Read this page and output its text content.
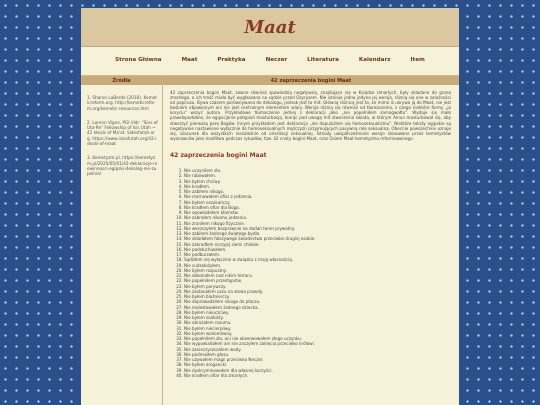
Maat
Strona Główna	Maat	Praktyka	Neczer	Literatura	Kalendarz	Item
Źródła
1. Sharon LaBorde (2018). Kemeticreform.org. http://kemeticreform.org/kemetic-resources.htm
2. Lorenn Vigne, PGI Vidr: "Sins of Uta-Re" Fellowship of Isis Utah ~ 42 Ideals of Ma'at. Sidesfutah.org. https://www.isisofutah.org/42-ideals-of-maat
3. Kemetyzm.pl. https://kemetyzm.pl/2025/05/01/42-deklaracje-niewinnosci-egipski-dekalog-nie-zupelnie/
42 zaprzeczenia bogini Maat

42 zaprzeczenia bogini Maat, zwane również spowiedzią negatywną, znajdujące się w Księdze Umarłych, były składane do grona zmarłego, a ich treść miała być wygłaszana na sądzie przed Ozyrysem. Nie istnieje jedna jedyna jej wersja, różnią się one w zależności od papirusu. Bywa czasem porównywana do dekalogu, jednak jest to mit. Główną różnicą jest to, że mimo iż ukrywa ją do Maat, nie jest boskiem objawionym ani nie jest centralnym elementem wiary. Wersja różnią się również od tłumaczenia, z czego niektóre formy „ja koryciu" wszyć autora. Przykładowe tłumaczenie jednej z deklaracji jako „nie popełniłem samogwałtu". Wydaje się mało prawdopodobne, że egipscjanie potępiali masturbację, biorąc pod uwagę mit stworzenia świata, w którym Amun masturbował się, aby stworzyć pierwszą parę Bogów. Innym przykładem jest deklaracja „nie dopuściłem się homoseksualizmu". Niektóre teksty egipskie są negatywnie nastawione wyłącznie do homoseksualnych mężczyzn przyjmujących pasywną rolę seksualną. Obecnie powszechnie uznaje się, szacunek dla wszystkich niezależnie od orientacji seksualnej. Istniały uwspółcześnione wersje stosowane przez kemetystów wyznawców jako modlitwa podczas rytuałów, tzw. 42 cnoty bogini Maat, oraz Osiem Maat kemetyzmu reformowanego.

42 zaprzeczenia bogini Maat
1. Nie uczyniłem zła.
2. Nie rabowałem.
3. Nie byłem chciwy.
4. Nie kradłem.
5. Nie zabiłem nikogo.
6. Nie marnowałem ofiar z jedzenia.
7. Nie byłem oszukańczy.
8. Nie kradłem ofiar dla Boga.
9. Nie opowiadałem kłamstw.
10. Nie zabrałem nikomu jedzenia.
11. Nie zraniłem nikogo fizycznie.
12. Nie wkroczyłem bezprawnie na dadań teren prywatny.
13. Nie zabiłem żadnego świętego bydła.
14. Nie składałem fałszywego świadectwa przeciwko drugiej osobie.
15. Nie zakradłem niczyjej ziemi chlebie.
16. Nie podsłuchiwałem.
17. Nie podburzałem.
18. Sądziłem się wyłącznie w związku z moją własnością.
19. Nie cudzołożyłem.
20. Nie byłem rozpustny.
21. Nie dokonałem nad nikim terroru.
22. Nie popełniłem przestępstw.
23. Nie byłem porywczy.
24. Nie zastanałem uszu na słowa prawdy.
25. Nie byłem bluźnierczy.
26. Nie doprowadziłem nikogo do płaczu.
27. Nie molestowałem żadnego dziecka.
28. Nie byłem nieuczciwy.
29. Nie byłem osobisty.
30. Nie obrażałem rozumu.
31. Nie byłem niecierpliwy.
32. Nie byłem wielomówny.
33. Nie popełniłem zła, ani nie obserwowałem złego uczynku.
34. Nie wypowiadałem ani nie zaczyłem zaklęcia przeciwko królowi.
35. Nie zanieczyszczałem wody.
36. Nie podnosiłem głosu.
37. Nie używałem magii przeciwko Neczer.
38. Nie byłem arogancki.
39. Nie dyskryminowałem dla własnej korzyści.
40. Nie kradłem ofiar dla zmarłych.
